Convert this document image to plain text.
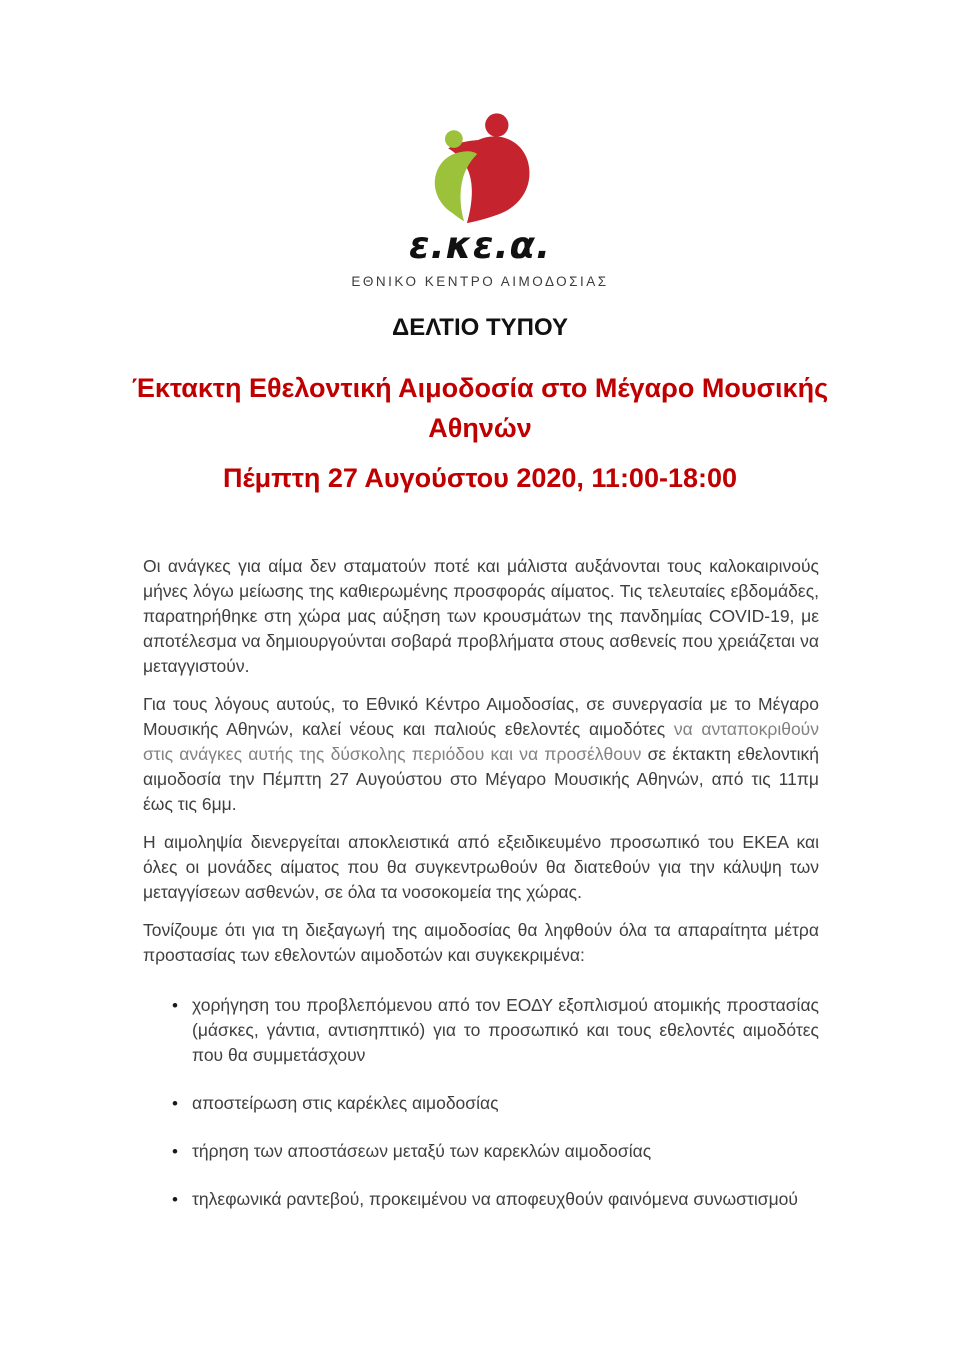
ε.κε.α.
ΕΘΝΙΚΟ ΚΕΝΤΡΟ ΑΙΜΟΔΟΣΙΑΣ
ΔΕΛΤΙΟ ΤΥΠΟΥ
Έκτακτη Εθελοντική Αιμοδοσία στο Μέγαρο Μουσικής
Αθηνών
Πέμπτη 27 Αυγούστου 2020, 11:00-18:00

Οι ανάγκες για αίμα δεν σταματούν ποτέ και μάλιστα αυξάνονται τους καλοκαιρινούς μήνες λόγω μείωσης της καθιερωμένης προσφοράς αίματος. Τις τελευταίες εβδομάδες, παρατηρήθηκε στη χώρα μας αύξηση των κρουσμάτων της πανδημίας COVID-19, με αποτέλεσμα να δημιουργούνται σοβαρά προβλήματα στους ασθενείς που χρειάζεται να μεταγγιστούν.

Για τους λόγους αυτούς, το Εθνικό Κέντρο Αιμοδοσίας, σε συνεργασία με το Μέγαρο Μουσικής Αθηνών, καλεί νέους και παλιούς εθελοντές αιμοδότες να ανταποκριθούν στις ανάγκες αυτής της δύσκολης περιόδου και να προσέλθουν σε έκτακτη εθελοντική αιμοδοσία την Πέμπτη 27 Αυγούστου στο Μέγαρο Μουσικής Αθηνών, από τις 11πμ έως τις 6μμ.

Η αιμοληψία διενεργείται αποκλειστικά από εξειδικευμένο προσωπικό του ΕΚΕΑ και όλες οι μονάδες αίματος που θα συγκεντρωθούν θα διατεθούν για την κάλυψη των μεταγγίσεων ασθενών, σε όλα τα νοσοκομεία της χώρας.

Τονίζουμε ότι για τη διεξαγωγή της αιμοδοσίας θα ληφθούν όλα τα απαραίτητα μέτρα προστασίας των εθελοντών αιμοδοτών και συγκεκριμένα:

• χορήγηση του προβλεπόμενου από τον ΕΟΔΥ εξοπλισμού ατομικής προστασίας (μάσκες, γάντια, αντισηπτικό) για το προσωπικό και τους εθελοντές αιμοδότες που θα συμμετάσχουν
• αποστείρωση στις καρέκλες αιμοδοσίας
• τήρηση των αποστάσεων μεταξύ των καρεκλών αιμοδοσίας
• τηλεφωνικά ραντεβού, προκειμένου να αποφευχθούν φαινόμενα συνωστισμού
